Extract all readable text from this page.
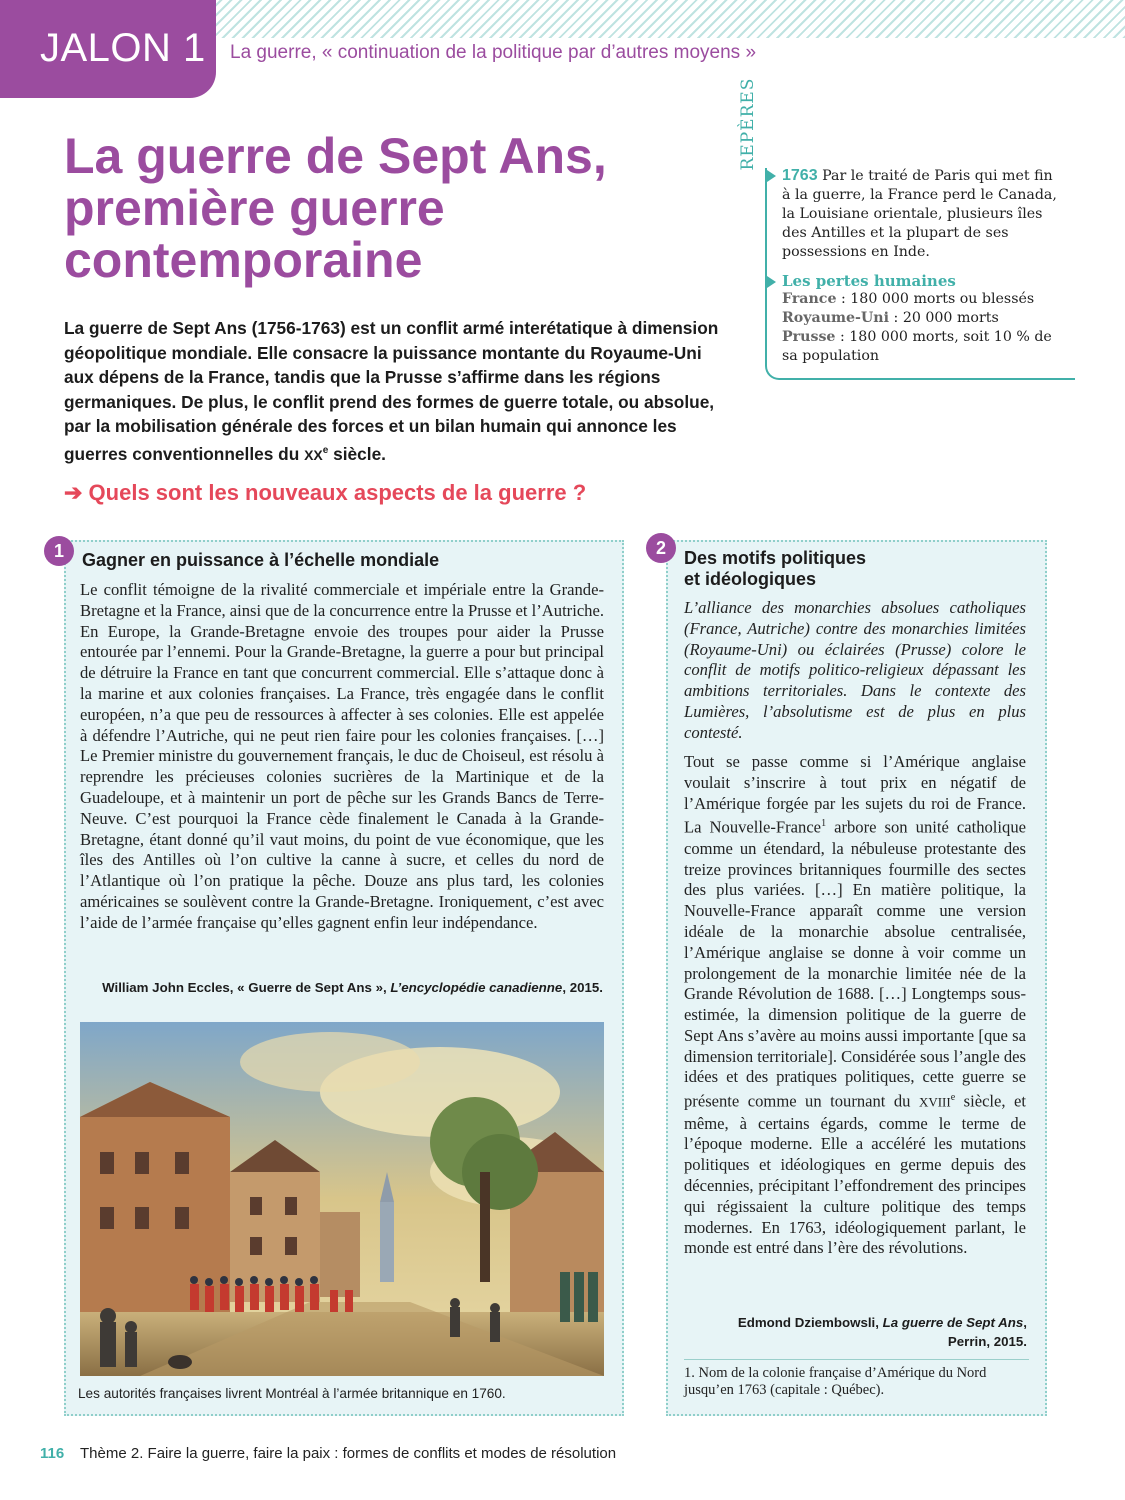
JALON 1 La guerre, « continuation de la politique par d’autres moyens »
La guerre de Sept Ans,
première guerre
contemporaine

La guerre de Sept Ans (1756-1763) est un conflit armé interétatique à dimension géopolitique mondiale. Elle consacre la puissance montante du Royaume-Uni aux dépens de la France, tandis que la Prusse s’affirme dans les régions germaniques. De plus, le conflit prend des formes de guerre totale, ou absolue, par la mobilisation générale des forces et un bilan humain qui annonce les guerres conventionnelles du XXe siècle.

➔ Quels sont les nouveaux aspects de la guerre ?
REPÈRES

1763 Par le traité de Paris qui met fin à la guerre, la France perd le Canada, la Louisiane orientale, plusieurs îles des Antilles et la plupart de ses possessions en Inde.

Les pertes humaines
France : 180 000 morts ou blessés
Royaume-Uni : 20 000 morts
Prusse : 180 000 morts, soit 10 % de
sa population
1	Gagner en puissance à l’échelle mondiale

Le conflit témoigne de la rivalité commerciale et impériale entre la Grande-Bretagne et la France, ainsi que de la concurrence entre la Prusse et l’Autriche. En Europe, la Grande-Bretagne envoie des troupes pour aider la Prusse entourée par l’ennemi. Pour la Grande-Bretagne, la guerre a pour but principal de détruire la France en tant que concurrent commercial. Elle s’attaque donc à la marine et aux colonies françaises. La France, très engagée dans le conflit européen, n’a que peu de ressources à affecter à ses colonies. Elle est appelée à défendre l’Autriche, qui ne peut rien faire pour les colonies françaises. […] Le Premier ministre du gouvernement français, le duc de Choiseul, est résolu à reprendre les précieuses colonies sucrières de la Martinique et de la Guadeloupe, et à maintenir un port de pêche sur les Grands Bancs de Terre-Neuve. C’est pourquoi la France cède finalement le Canada à la Grande-Bretagne, étant donné qu’il vaut moins, du point de vue économique, que les îles des Antilles où l’on cultive la canne à sucre, et celles du nord de l’Atlantique où l’on pratique la pêche. Douze ans plus tard, les colonies américaines se soulèvent contre la Grande-Bretagne. Ironiquement, c’est avec l’aide de l’armée française qu’elles gagnent enfin leur indépendance.

William John Eccles, « Guerre de Sept Ans », L’encyclopédie canadienne, 2015.
Les autorités françaises livrent Montréal à l’armée britannique en 1760.
2	Des motifs politiques
et idéologiques

L’alliance des monarchies absolues catholiques (France, Autriche) contre des monarchies limitées (Royaume-Uni) ou éclairées (Prusse) colore le conflit de motifs politico-religieux dépassant les ambitions territoriales. Dans le contexte des Lumières, l’absolutisme est de plus en plus contesté.

Tout se passe comme si l’Amérique anglaise voulait s’inscrire à tout prix en négatif de l’Amérique forgée par les sujets du roi de France. La Nouvelle-France$^1$ arbore son unité catholique comme un étendard, la nébuleuse protestante des treize provinces britanniques fourmille des sectes des plus variées. […] En matière politique, la Nouvelle-France apparaît comme une version idéale de la monarchie absolue centralisée, l’Amérique anglaise se donne à voir comme un prolongement de la monarchie limitée née de la Grande Révolution de 1688. […] Longtemps sous-estimée, la dimension politique de la guerre de Sept Ans s’avère au moins aussi importante [que sa dimension territoriale]. Considérée sous l’angle des idées et des pratiques politiques, cette guerre se présente comme un tournant du XVIIIe siècle, et même, à certains égards, comme le terme de l’époque moderne. Elle a accéléré les mutations politiques et idéologiques en germe depuis des décennies, précipitant l’effondrement des principes qui régissaient la culture politique des temps modernes. En 1763, idéologiquement parlant, le monde est entré dans l’ère des révolutions.

Edmond Dziembowsli, La guerre de Sept Ans,
Perrin, 2015.

1. Nom de la colonie française d’Amérique du Nord jusqu’en 1763 (capitale : Québec).

116 Thème 2. Faire la guerre, faire la paix : formes de conflits et modes de résolution
